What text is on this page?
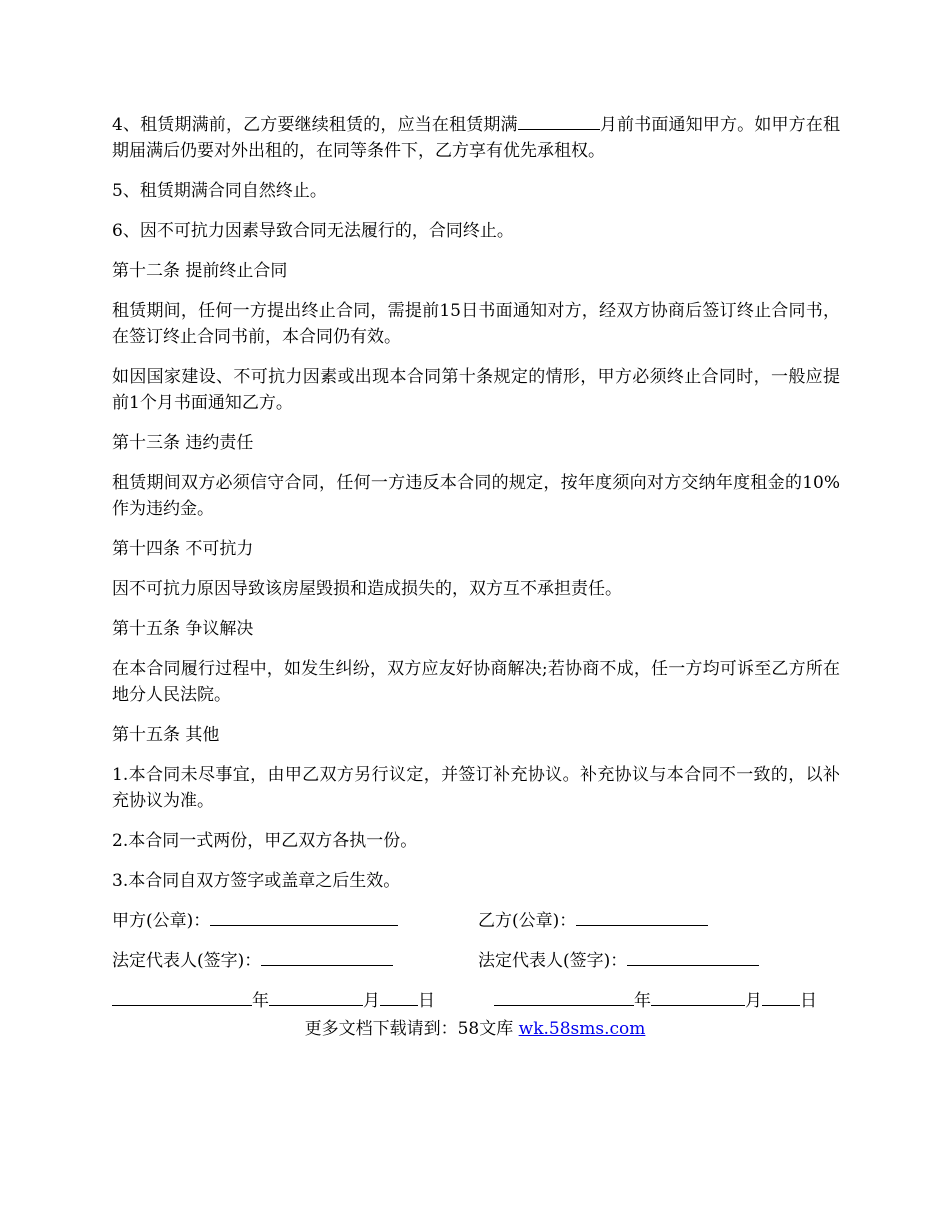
4、租赁期满前，乙方要继续租赁的，应当在租赁期满	月前书面通知甲方。如甲方在租期届满后仍要对外出租的，在同等条件下，乙方享有优先承租权。

5、租赁期满合同自然终止。

6、因不可抗力因素导致合同无法履行的，合同终止。

第十二条 提前终止合同

租赁期间，任何一方提出终止合同，需提前15日书面通知对方，经双方协商后签订终止合同书，在签订终止合同书前，本合同仍有效。

如因国家建设、不可抗力因素或出现本合同第十条规定的情形，甲方必须终止合同时，一般应提前1个月书面通知乙方。

第十三条 违约责任

租赁期间双方必须信守合同，任何一方违反本合同的规定，按年度须向对方交纳年度租金的10%作为违约金。

第十四条 不可抗力

因不可抗力原因导致该房屋毁损和造成损失的，双方互不承担责任。

第十五条 争议解决

在本合同履行过程中，如发生纠纷，双方应友好协商解决;若协商不成，任一方均可诉至乙方所在地分人民法院。

第十五条 其他

1.本合同未尽事宜，由甲乙双方另行议定，并签订补充协议。补充协议与本合同不一致的，以补充协议为准。

2.本合同一式两份，甲乙双方各执一份。

3.本合同自双方签字或盖章之后生效。

甲方(公章)：	乙方(公章)：
法定代表人(签字)：	法定代表人(签字)：
年	月 日	年	月 日
更多文档下载请到：58文库 wk.58sms.com
